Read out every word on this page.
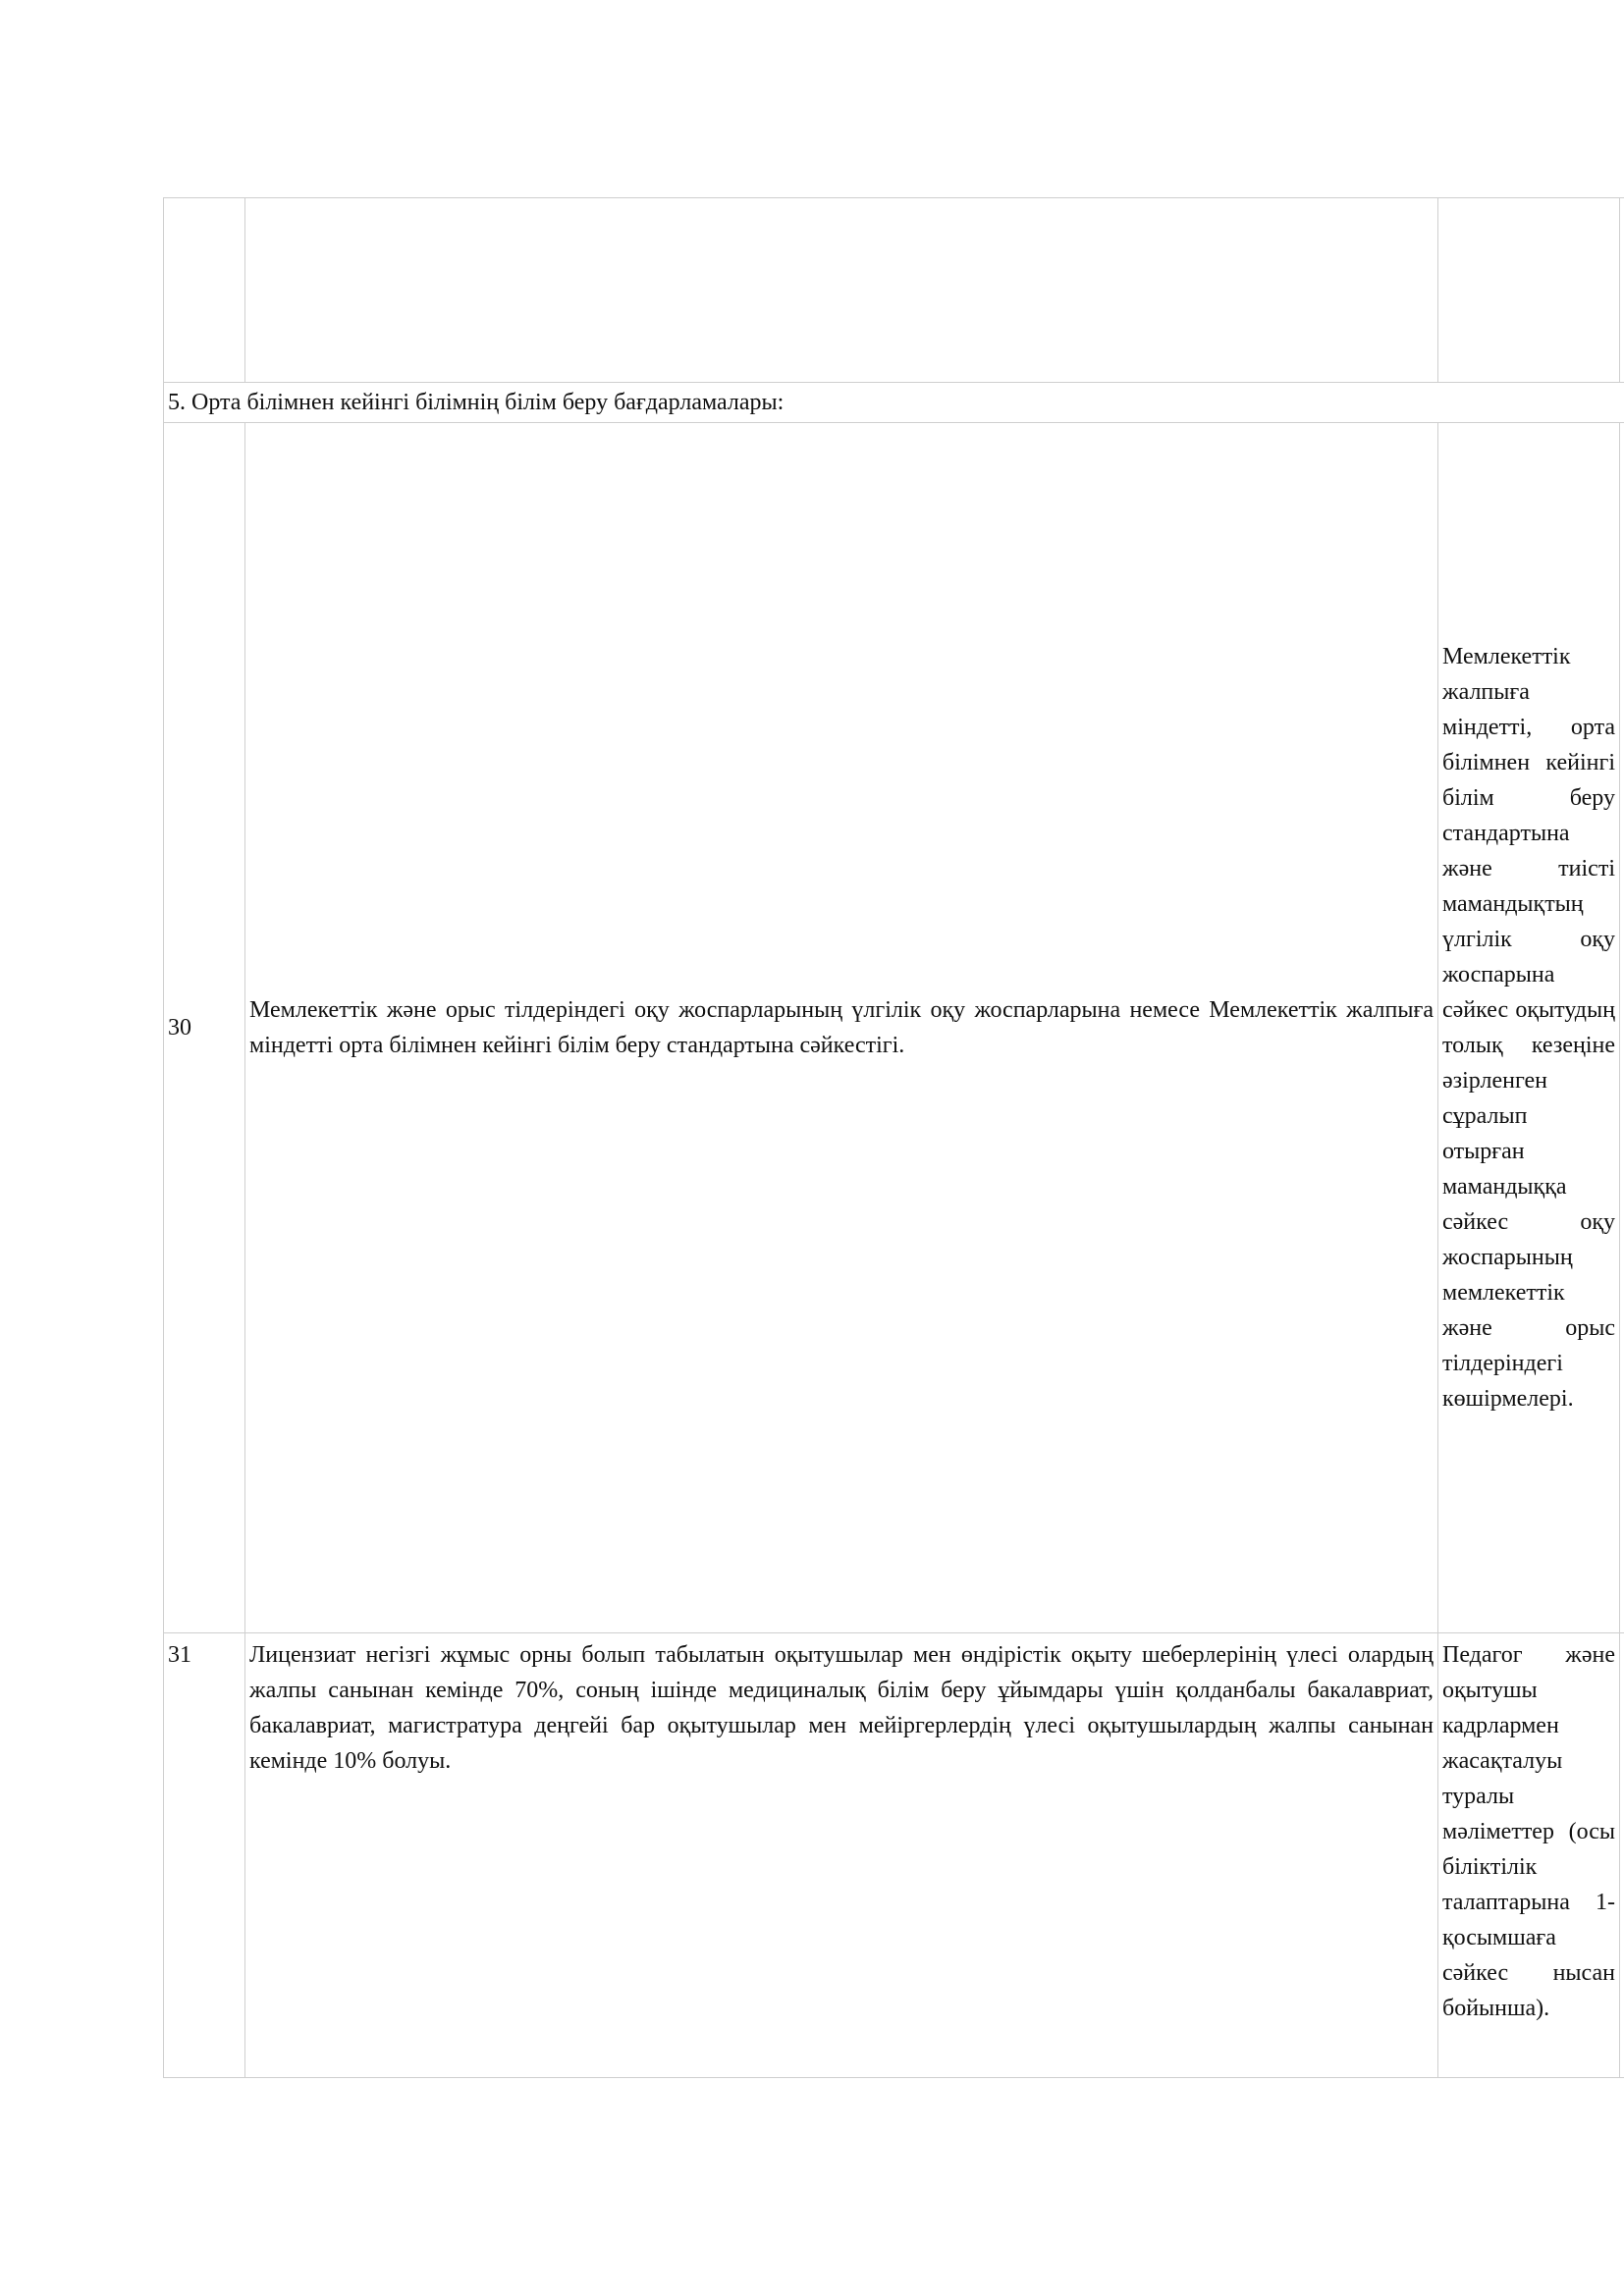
5. Орта білімнен кейінгі білімнің білім беру бағдарламалары:			
30	Мемлекеттік және орыс тілдеріндегі оқу жоспарларының үлгілік оқу жоспарларына немесе Мемлекеттік жалпыға міндетті орта білімнен кейінгі білім беру стандартына сәйкестігі.	Мемлекеттік жалпыға міндетті, орта білімнен кейінгі білім беру стандартына және тиісті мамандықтың үлгілік оқу жоспарына сәйкес оқытудың толық кезеңіне әзірленген сұралып отырған мамандыққа сәйкес оқу жоспарының мемлекеттік және орыс тілдеріндегі көшірмелері.	
31	Лицензиат негізгі жұмыс орны болып табылатын оқытушылар мен өндірістік оқыту шеберлерінің үлесі олардың жалпы санынан кемінде 70%, соның ішінде медициналық білім беру ұйымдары үшін қолданбалы бакалавриат, бакалавриат, магистратура деңгейі бар оқытушылар мен мейіргерлердің үлесі оқытушылардың жалпы санынан кемінде 10% болуы.	Педагог және оқытушы кадрлармен жасақталуы туралы мәліметтер (осы біліктілік талаптарына 1-қосымшаға сәйкес нысан бойынша).	
